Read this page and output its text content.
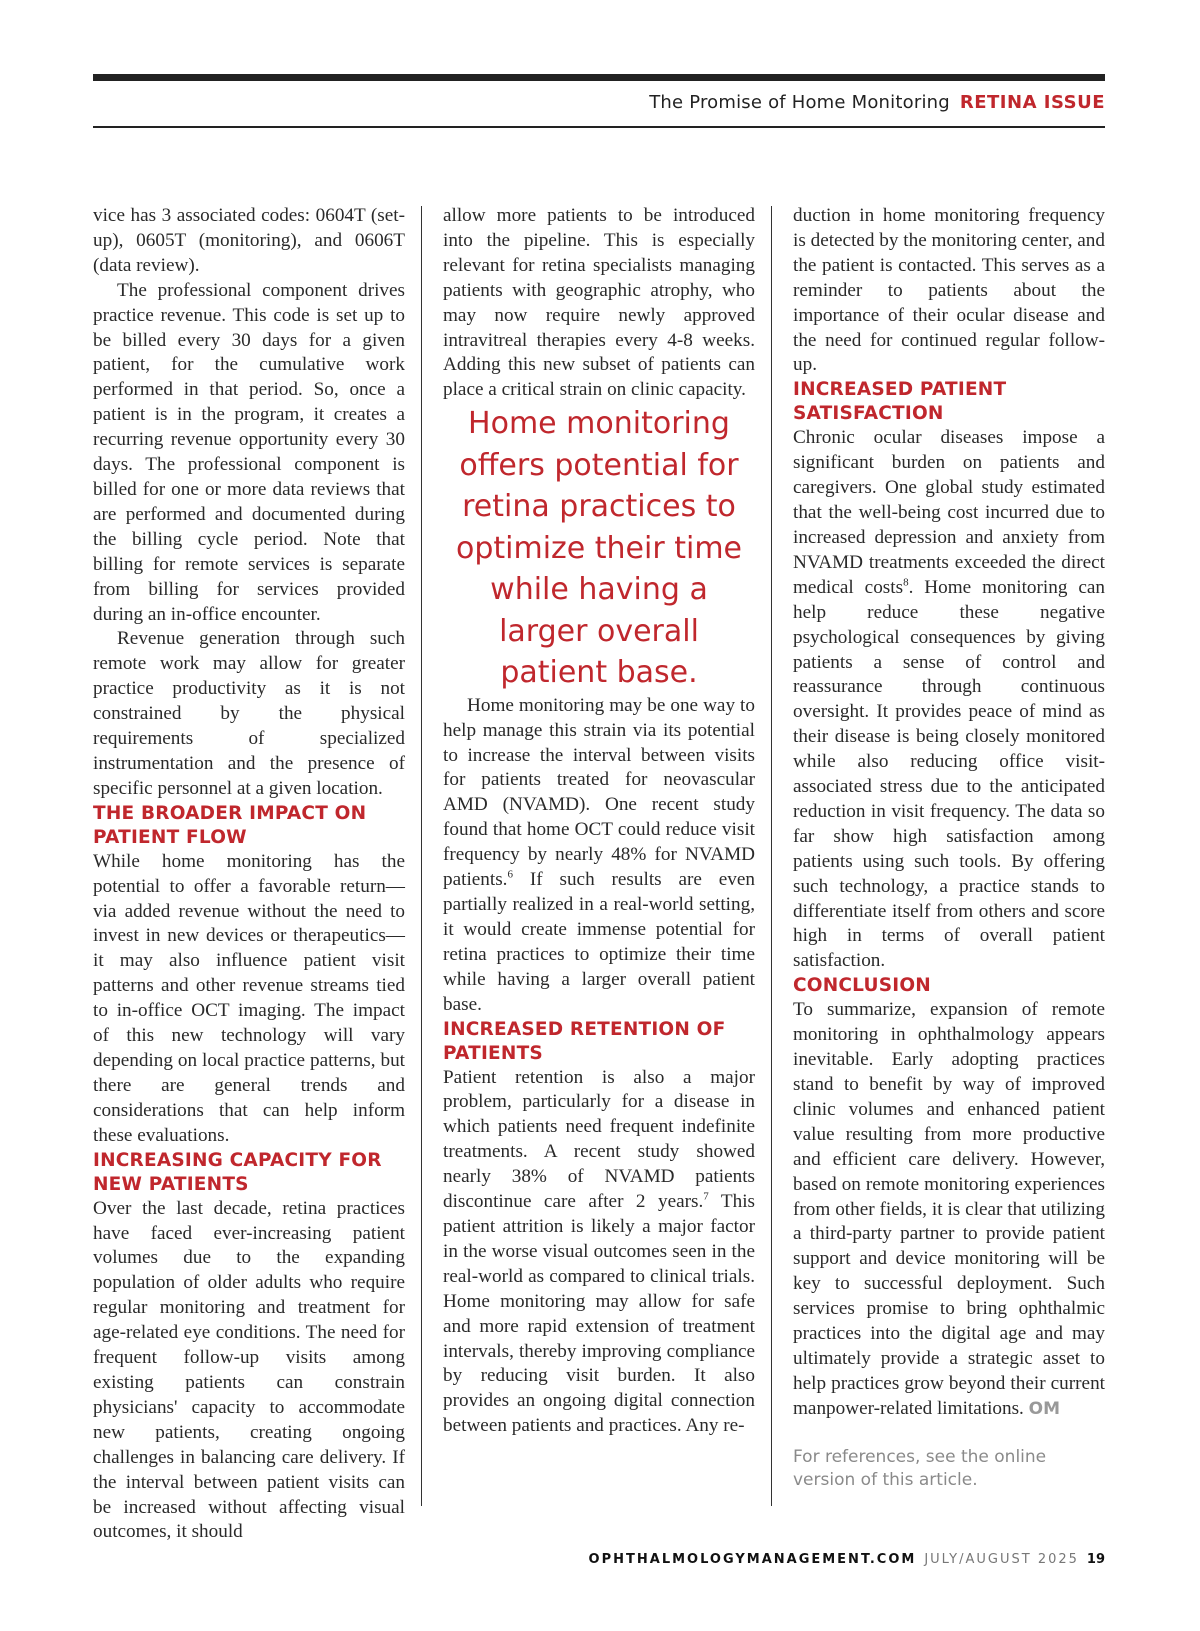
The Promise of Home Monitoring RETINA ISSUE

vice has 3 associated codes: 0604T (set-up), 0605T (monitoring), and 0606T (data review).

The professional component drives practice revenue. This code is set up to be billed every 30 days for a given patient, for the cumulative work performed in that period. So, once a patient is in the program, it creates a recurring revenue opportunity every 30 days. The professional component is billed for one or more data reviews that are performed and documented during the billing cycle period. Note that billing for remote services is separate from billing for services provided during an in-office encounter.

Revenue generation through such remote work may allow for greater practice productivity as it is not constrained by the physical requirements of specialized instrumentation and the presence of specific personnel at a given location.

THE BROADER IMPACT ON PATIENT FLOW

While home monitoring has the potential to offer a favorable return—via added revenue without the need to invest in new devices or therapeutics—it may also influence patient visit patterns and other revenue streams tied to in-office OCT imaging. The impact of this new technology will vary depending on local practice patterns, but there are general trends and considerations that can help inform these evaluations.

INCREASING CAPACITY FOR NEW PATIENTS

Over the last decade, retina practices have faced ever-increasing patient volumes due to the expanding population of older adults who require regular monitoring and treatment for age-related eye conditions. The need for frequent follow-up visits among existing patients can constrain physicians' capacity to accommodate new patients, creating ongoing challenges in balancing care delivery. If the interval between patient visits can be increased without affecting visual outcomes, it should

allow more patients to be introduced into the pipeline. This is especially relevant for retina specialists managing patients with geographic atrophy, who may now require newly approved intravitreal therapies every 4-8 weeks. Adding this new subset of patients can place a critical strain on clinic capacity.

Home monitoring offers potential for retina practices to optimize their time while having a larger overall patient base.

Home monitoring may be one way to help manage this strain via its potential to increase the interval between visits for patients treated for neovascular AMD (NVAMD). One recent study found that home OCT could reduce visit frequency by nearly 48% for NVAMD patients.$^6$ If such results are even partially realized in a real-world setting, it would create immense potential for retina practices to optimize their time while having a larger overall patient base.

INCREASED RETENTION OF PATIENTS

Patient retention is also a major problem, particularly for a disease in which patients need frequent indefinite treatments. A recent study showed nearly 38% of NVAMD patients discontinue care after 2 years.$^7$ This patient attrition is likely a major factor in the worse visual outcomes seen in the real-world as compared to clinical trials. Home monitoring may allow for safe and more rapid extension of treatment intervals, thereby improving compliance by reducing visit burden. It also provides an ongoing digital connection between patients and practices. Any re-

duction in home monitoring frequency is detected by the monitoring center, and the patient is contacted. This serves as a reminder to patients about the importance of their ocular disease and the need for continued regular follow-up.

INCREASED PATIENT SATISFACTION

Chronic ocular diseases impose a significant burden on patients and caregivers. One global study estimated that the well-being cost incurred due to increased depression and anxiety from NVAMD treatments exceeded the direct medical costs$^8$. Home monitoring can help reduce these negative psychological consequences by giving patients a sense of control and reassurance through continuous oversight. It provides peace of mind as their disease is being closely monitored while also reducing office visit-associated stress due to the anticipated reduction in visit frequency. The data so far show high satisfaction among patients using such tools. By offering such technology, a practice stands to differentiate itself from others and score high in terms of overall patient satisfaction.

CONCLUSION

To summarize, expansion of remote monitoring in ophthalmology appears inevitable. Early adopting practices stand to benefit by way of improved clinic volumes and enhanced patient value resulting from more productive and efficient care delivery. However, based on remote monitoring experiences from other fields, it is clear that utilizing a third-party partner to provide patient support and device monitoring will be key to successful deployment. Such services promise to bring ophthalmic practices into the digital age and may ultimately provide a strategic asset to help practices grow beyond their current manpower-related limitations. OM

For references, see the online version of this article.

OPHTHALMOLOGYMANAGEMENT.COM JULY/AUGUST 2025 19
